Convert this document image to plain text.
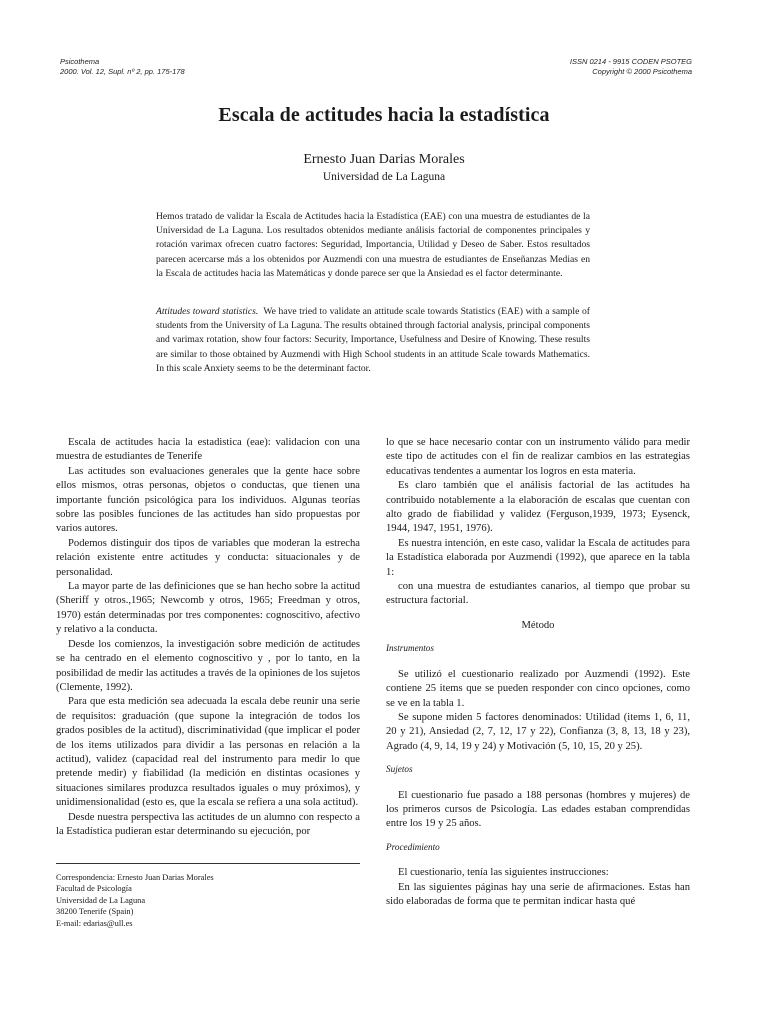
Psicothema
2000. Vol. 12, Supl. nº 2, pp. 175-178
ISSN 0214 - 9915 CODEN PSOTEG
Copyright © 2000 Psicothema
Escala de actitudes hacia la estadística
Ernesto Juan Darias Morales
Universidad de La Laguna

Hemos tratado de validar la Escala de Actitudes hacia la Estadística (EAE) con una muestra de estudiantes de la Universidad de La Laguna. Los resultados obtenidos mediante análisis factorial de componentes principales y rotación varimax ofrecen cuatro factores: Seguridad, Importancia, Utilidad y Deseo de Saber. Estos resultados parecen acercarse más a los obtenidos por Auzmendi con una muestra de estudiantes de Enseñanzas Medias en la Escala de actitudes hacia las Matemáticas y donde parece ser que la Ansiedad es el factor determinante.

Attitudes toward statistics. We have tried to validate an attitude scale towards Statistics (EAE) with a sample of students from the University of La Laguna. The results obtained through factorial analysis, principal components and varimax rotation, show four factors: Security, Importance, Usefulness and Desire of Knowing. These results are similar to those obtained by Auzmendi with High School students in an attitude Scale towards Mathematics. In this scale Anxiety seems to be the determinant factor.

Escala de actitudes hacia la estadistica (eae): validacion con una muestra de estudiantes de Tenerife

Las actitudes son evaluaciones generales que la gente hace sobre ellos mismos, otras personas, objetos o conductas, que tienen una importante función psicológica para los individuos. Algunas teorías sobre las posibles funciones de las actitudes han sido propuestas por varios autores.

Podemos distinguir dos tipos de variables que moderan la estrecha relación existente entre actitudes y conducta: situacionales y de personalidad.

La mayor parte de las definiciones que se han hecho sobre la actitud (Sheriff y otros.,1965; Newcomb y otros, 1965; Freedman y otros, 1970) están determinadas por tres componentes: cognoscitivo, afectivo y relativo a la conducta.

Desde los comienzos, la investigación sobre medición de actitudes se ha centrado en el elemento cognoscitivo y , por lo tanto, en la posibilidad de medir las actitudes a través de la opiniones de los sujetos (Clemente, 1992).

Para que esta medición sea adecuada la escala debe reunir una serie de requisitos: graduación (que supone la integración de todos los grados posibles de la actitud), discriminatividad (que implicar el poder de los items utilizados para dividir a las personas en relación a la actitud), validez (capacidad real del instrumento para medir lo que pretende medir) y fiabilidad (la medición en distintas ocasiones y situaciones similares produzca resultados iguales o muy próximos), y unidimensionalidad (esto es, que la escala se refiera a una sola actitud).

Desde nuestra perspectiva las actitudes de un alumno con respecto a la Estadística pudieran estar determinando su ejecución, por

Correspondencia: Ernesto Juan Darias Morales
Facultad de Psicología
Universidad de La Laguna
38200 Tenerife (Spain)
E-mail: edarias@ull.es

lo que se hace necesario contar con un instrumento válido para medir este tipo de actitudes con el fin de realizar cambios en las estrategias educativas tendentes a aumentar los logros en esta materia.

Es claro también que el análisis factorial de las actitudes ha contribuido notablemente a la elaboración de escalas que cuentan con alto grado de fiabilidad y validez (Ferguson,1939, 1973; Eysenck, 1944, 1947, 1951, 1976).

Es nuestra intención, en este caso, validar la Escala de actitudes para la Estadística elaborada por Auzmendi (1992), que aparece en la tabla 1:

con una muestra de estudiantes canarios, al tiempo que probar su estructura factorial.

Método

Instrumentos

Se utilizó el cuestionario realizado por Auzmendi (1992). Este contiene 25 items que se pueden responder con cinco opciones, como se ve en la tabla 1.

Se supone miden 5 factores denominados: Utilidad (items 1, 6, 11, 20 y 21), Ansiedad (2, 7, 12, 17 y 22), Confianza (3, 8, 13, 18 y 23), Agrado (4, 9, 14, 19 y 24) y Motivación (5, 10, 15, 20 y 25).

Sujetos

El cuestionario fue pasado a 188 personas (hombres y mujeres) de los primeros cursos de Psicología. Las edades estaban comprendidas entre los 19 y 25 años.

Procedimiento

El cuestionario, tenía las siguientes instrucciones:

En las siguientes páginas hay una serie de afirmaciones. Estas han sido elaboradas de forma que te permitan indicar hasta qué
